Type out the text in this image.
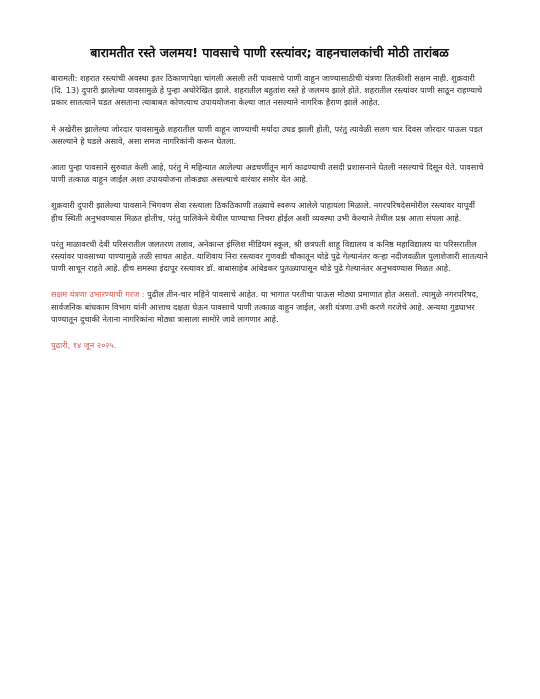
बारामतीत रस्ते जलमय! पावसाचे पाणी रस्त्यांवर; वाहनचालकांची मोठी तारांबळ

बारामती: शहरात रस्त्यांची अवस्था इतर ठिकाणापेक्षा चांगली असली तरी पावसाचे पाणी वाहून जाण्यासाठीची यंत्रणा तितकीशी सक्षम नाही. शुक्रवारी (दि. 13) दुपारी झालेल्या पावसामुळे हे पुन्हा अधोरेखित झाले. शहरातील बहुतांश रस्ते हे जलमय झाले होते. शहरातील रस्त्यांवर पाणी साठून राहण्याचे प्रकार सातत्याने घडत असताना त्याबाबत कोणत्याच उपाययोजना केल्या जात नसल्याने नागरिक हैराण झाले आहेत.

मे अखेरीस झालेल्या जोरदार पावसामुळे शहरातील पाणी वाहून जाण्याची मर्यादा उघड झाली होती, परंतु त्यावेळी सलग चार दिवस जोरदार पाऊस पडत असल्याने हे घडले असावे, असा समज नागरिकांनी करून घेतला.

आता पुन्हा पावसाने सुरुवात केली आहे, परंतु मे महिन्यात आलेल्या अडचणींतून मार्ग काढण्याची तसदी प्रशासनाने घेतली नसल्याचे दिसून येते. पावसाचे पाणी तत्काळ वाहून जाईल अशा उपाययोजना तोकड्या असल्याचे वारंवार समोर येत आहे.

शुक्रवारी दुपारी झालेल्या पावसाने भिगवण सेवा रस्त्याला ठिकठिकाणी तळ्याचे स्वरूप आलेले पाहायला मिळाले. नगरपरिषदेसमोरील रस्त्यावर यापूर्वी हीच स्थिती अनुभवण्यास मिळत होतीच, परंतु पालिकेने येथील पाण्याचा निचरा होईल अशी व्यवस्था उभी केल्याने तेथील प्रश्न आता संपला आहे.

परंतु माळावरची देवी परिसरातील जलतरण तलाव, अनेकान्त इंग्लिश मीडियम स्कूल, श्री छत्रपती शाहू विद्यालय व कनिष्ठ महाविद्यालय या परिसरातील रस्त्यांवर पावसाच्या पाण्यामुळे तळी साचत आहेत. याशिवाय निरा रस्त्यावर गुणवडी चौकातून थोडे पुढे गेल्यानंतर कऱ्हा नदीजवळील पुलाशेजारी सातत्याने पाणी साचून राहते आहे. हीच समस्या इंदापूर रस्त्यावर डॉ. बाबासाहेब आंबेडकर पुतळ्यापासून थोडे पुढे गेल्यानंतर अनुभवण्यास मिळत आहे.

सक्षम यंत्रणा उभारण्याची गरज : पुढील तीन-चार महिने पावसाचे आहेत. या भागात परतीचा पाऊस मोठ्या प्रमाणात होत असतो. त्यामुळे नगरपरिषद, सार्वजनिक बांधकाम विभाग यांनी आत्ताच दक्षता घेऊन पावसाचे पाणी तत्काळ वाहून जाईल, अशी यंत्रणा उभी करणे गरजेचे आहे. अन्यथा गुडघाभर पाण्यातून दुचाकी नेताना नागरिकांना मोठ्या त्रासाला सामोरे जावे लागणार आहे.

पुढारी, १४ जून २०२५.
